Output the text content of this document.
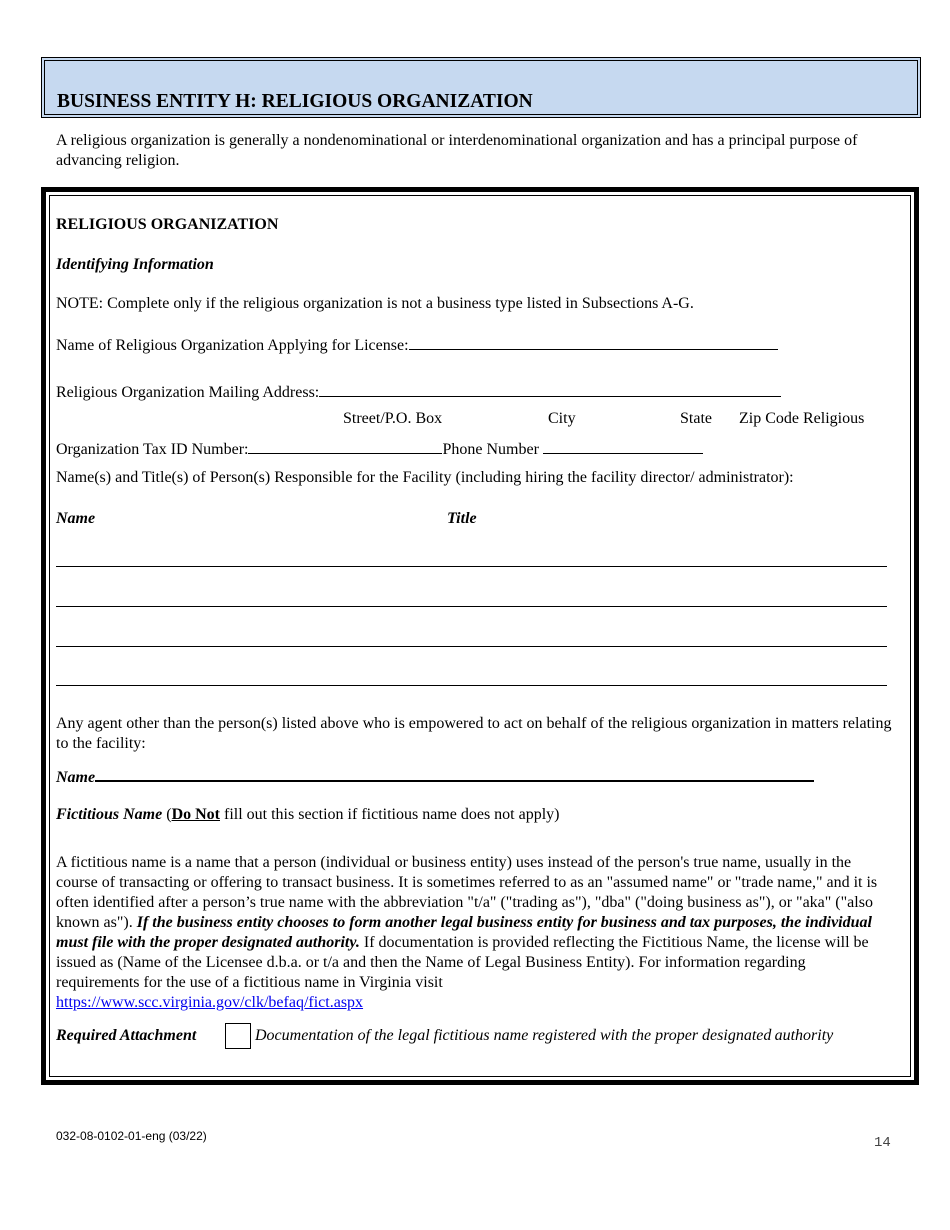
BUSINESS ENTITY H: RELIGIOUS ORGANIZATION
A religious organization is generally a nondenominational or interdenominational organization and has a principal purpose of advancing religion.
RELIGIOUS ORGANIZATION
Identifying Information
NOTE: Complete only if the religious organization is not a business type listed in Subsections A-G.
Name of Religious Organization Applying for License:
Religious Organization Mailing Address:
Street/P.O. Box	City	State Zip Code Religious
Organization Tax ID Number:	Phone Number
Name(s) and Title(s) of Person(s) Responsible for the Facility (including hiring the facility director/ administrator):
Name	Title
Any agent other than the person(s) listed above who is empowered to act on behalf of the religious organization in matters relating to the facility:
Name
Fictitious Name (Do Not fill out this section if fictitious name does not apply)
A fictitious name is a name that a person (individual or business entity) uses instead of the person's true name, usually in the course of transacting or offering to transact business. It is sometimes referred to as an "assumed name" or "trade name," and it is often identified after a person’s true name with the abbreviation "t/a" ("trading as"), "dba" ("doing business as"), or "aka" ("also known as"). If the business entity chooses to form another legal business entity for business and tax purposes, the individual must file with the proper designated authority. If documentation is provided reflecting the Fictitious Name, the license will be issued as (Name of the Licensee d.b.a. or t/a and then the Name of Legal Business Entity). For information regarding requirements for the use of a fictitious name in Virginia visit
https://www.scc.virginia.gov/clk/befaq/fict.aspx
Required Attachment	Documentation of the legal fictitious name registered with the proper designated authority
032-08-0102-01-eng (03/22)	14
